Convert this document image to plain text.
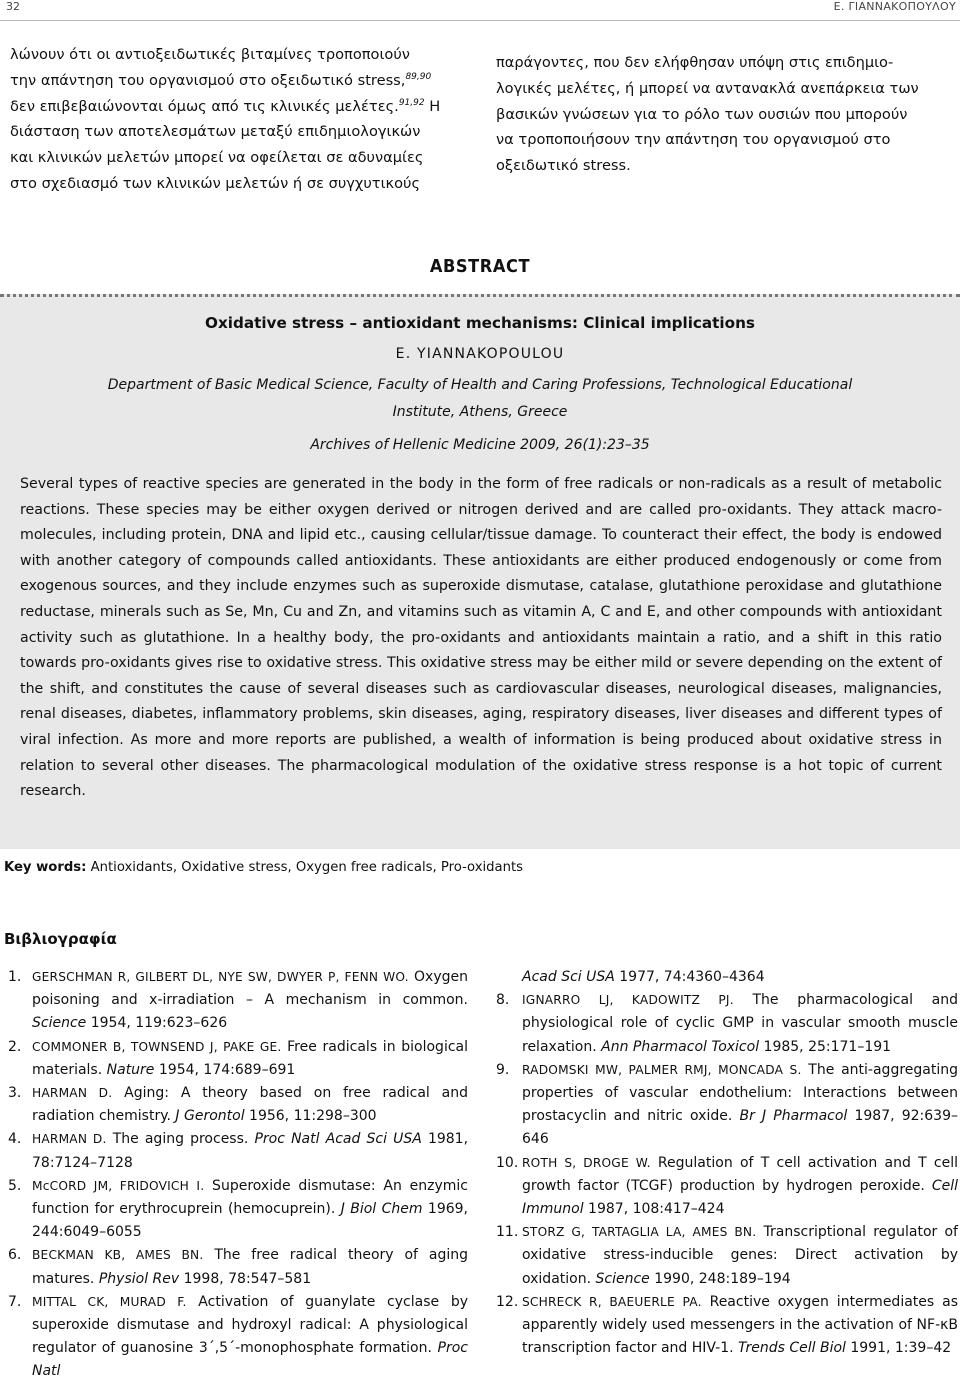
32	Ε. ΓΙΑΝΝΑΚΟΠΟΥΛΟΥ
λώνουν ότι οι αντιοξειδωτικές βιταμίνες τροποποιούν
την απάντηση του οργανισμού στο οξειδωτικό stress,$^{89,90}$
δεν επιβεβαιώνονται όμως από τις κλινικές μελέτες.$^{91,92}$ Η
διάσταση των αποτελεσμάτων μεταξύ επιδημιολογικών
και κλινικών μελετών μπορεί να οφείλεται σε αδυναμίες
στο σχεδιασμό των κλινικών μελετών ή σε συγχυτικούς
παράγοντες, που δεν ελήφθησαν υπόψη στις επιδημιο-
λογικές μελέτες, ή μπορεί να αντανακλά ανεπάρκεια των
βασικών γνώσεων για το ρόλο των ουσιών που μπορούν
να τροποποιήσουν την απάντηση του οργανισμού στο
οξειδωτικό stress.
ABSTRACT
Oxidative stress – antioxidant mechanisms: Clinical implications
E. YIANNAKOPOULOU
Department of Basic Medical Science, Faculty of Health and Caring Professions, Technological Educational
Institute, Athens, Greece
Archives of Hellenic Medicine 2009, 26(1):23–35
Several types of reactive species are generated in the body in the form of free radicals or non-radicals as a result of metabolic reactions. These species may be either oxygen derived or nitrogen derived and are called pro-oxidants. They attack macro-molecules, including protein, DNA and lipid etc., causing cellular/tissue damage. To counteract their effect, the body is endowed with another category of compounds called antioxidants. These antioxidants are either produced endogenously or come from exogenous sources, and they include enzymes such as superoxide dismutase, catalase, glutathione peroxidase and glutathione reductase, minerals such as Se, Mn, Cu and Zn, and vitamins such as vitamin A, C and E, and other compounds with antioxidant activity such as glutathione. In a healthy body, the pro-oxidants and antioxidants maintain a ratio, and a shift in this ratio towards pro-oxidants gives rise to oxidative stress. This oxidative stress may be either mild or severe depending on the extent of the shift, and constitutes the cause of several diseases such as cardiovascular diseases, neurological diseases, malignancies, renal diseases, diabetes, inflammatory problems, skin diseases, aging, respiratory diseases, liver diseases and different types of viral infection. As more and more reports are published, a wealth of information is being produced about oxidative stress in relation to several other diseases. The pharmacological modulation of the oxidative stress response is a hot topic of current research.
Key words: Antioxidants, Oxidative stress, Oxygen free radicals, Pro-oxidants
Βιβλιογραφία
1. GERSCHMAN R, GILBERT DL, NYE SW, DWYER P, FENN WO. Oxygen poisoning and x-irradiation – A mechanism in common. Science 1954, 119:623–626
2. COMMONER B, TOWNSEND J, PAKE GE. Free radicals in biological materials. Nature 1954, 174:689–691
3. HARMAN D. Aging: A theory based on free radical and radiation chemistry. J Gerontol 1956, 11:298–300
4. HARMAN D. The aging process. Proc Natl Acad Sci USA 1981, 78:7124–7128
5. McCORD JM, FRIDOVICH I. Superoxide dismutase: An enzymic function for erythrocuprein (hemocuprein). J Biol Chem 1969, 244:6049–6055
6. BECKMAN KB, AMES BN. The free radical theory of aging matures. Physiol Rev 1998, 78:547–581
7. MITTAL CK, MURAD F. Activation of guanylate cyclase by superoxide dismutase and hydroxyl radical: A physiological regulator of guanosine 3΄,5΄-monophosphate formation. Proc Natl
Acad Sci USA 1977, 74:4360–4364
8. IGNARRO LJ, KADOWITZ PJ. The pharmacological and physiological role of cyclic GMP in vascular smooth muscle relaxation. Ann Pharmacol Toxicol 1985, 25:171–191
9. RADOMSKI MW, PALMER RMJ, MONCADA S. The anti-aggregating properties of vascular endothelium: Interactions between prostacyclin and nitric oxide. Br J Pharmacol 1987, 92:639–646
10. ROTH S, DROGE W. Regulation of T cell activation and T cell growth factor (TCGF) production by hydrogen peroxide. Cell Immunol 1987, 108:417–424
11. STORZ G, TARTAGLIA LA, AMES BN. Transcriptional regulator of oxidative stress-inducible genes: Direct activation by oxidation. Science 1990, 248:189–194
12. SCHRECK R, BAEUERLE PA. Reactive oxygen intermediates as apparently widely used messengers in the activation of NF-κB transcription factor and HIV-1. Trends Cell Biol 1991, 1:39–42
